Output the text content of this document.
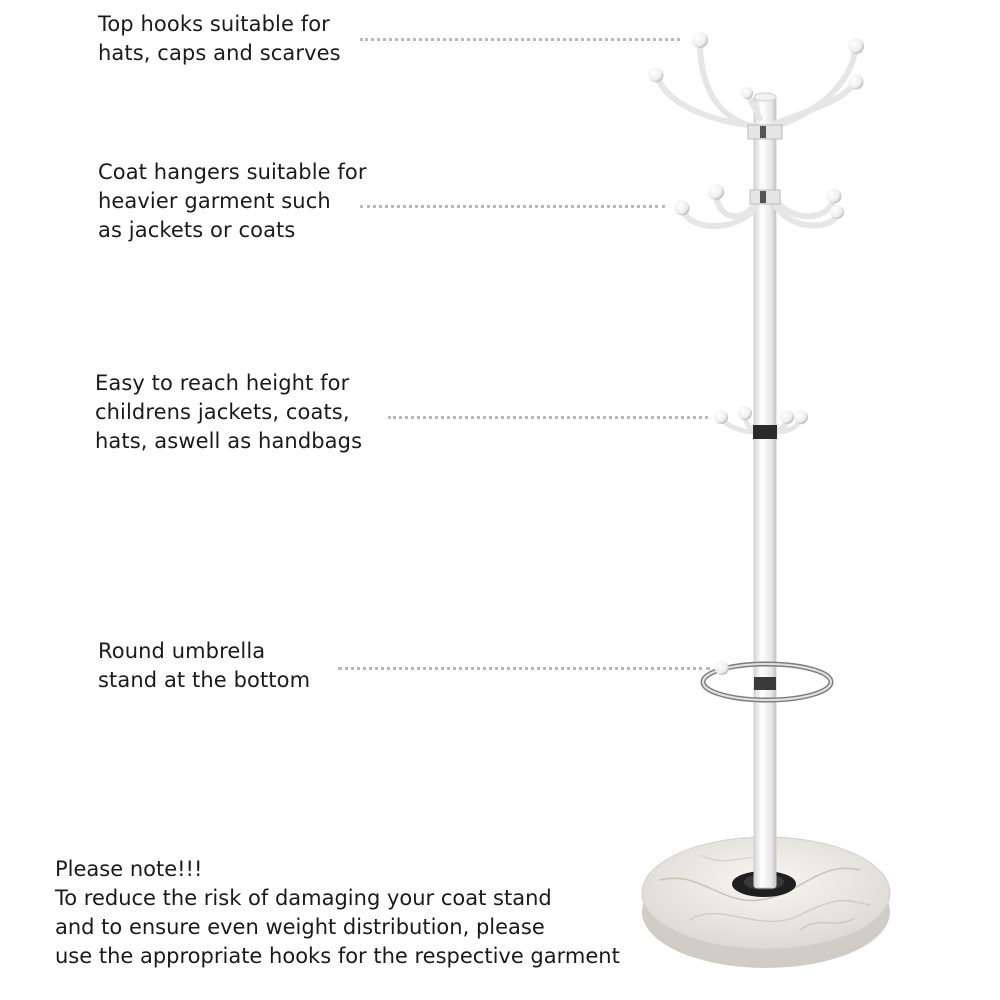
Top hooks suitable for
hats, caps and scarves
Coat hangers suitable for
heavier garment such
as jackets or coats
Easy to reach height for
childrens jackets, coats,
hats, aswell as handbags
Round umbrella
stand at the bottom
Please note!!!
To reduce the risk of damaging your coat stand
and to ensure even weight distribution, please
use the appropriate hooks for the respective garment
